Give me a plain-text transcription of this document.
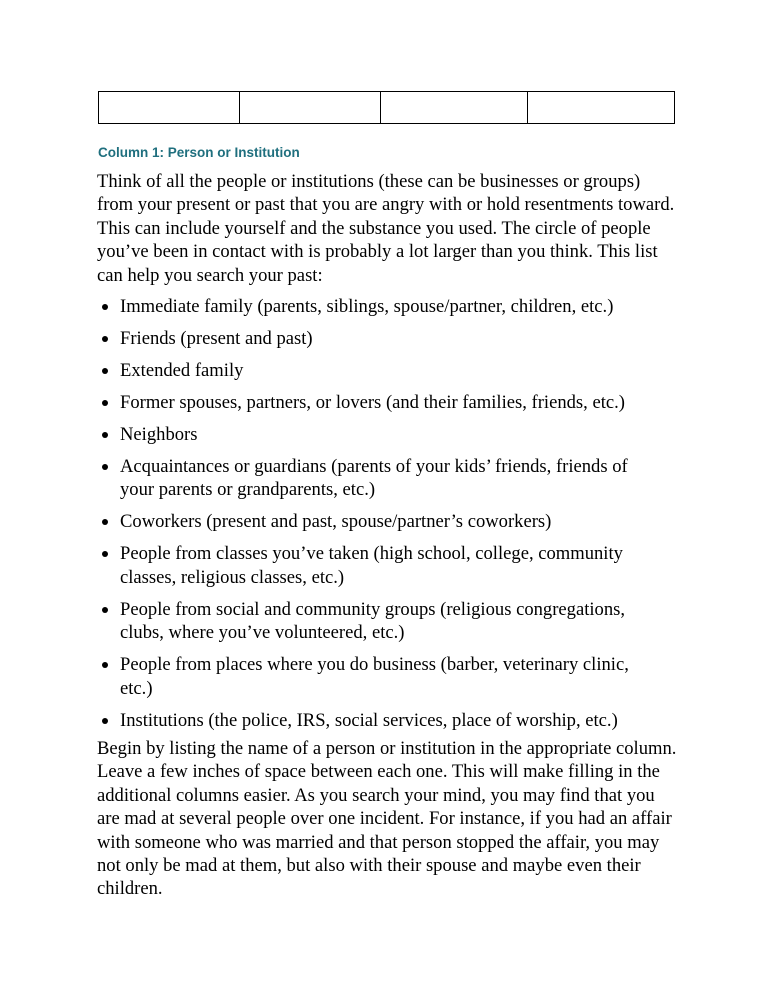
Column 1: Person or Institution

Think of all the people or institutions (these can be businesses or groups) from your present or past that you are angry with or hold resentments toward. This can include yourself and the substance you used. The circle of people you’ve been in contact with is probably a lot larger than you think. This list can help you search your past:

Immediate family (parents, siblings, spouse/partner, children, etc.)
Friends (present and past)
Extended family
Former spouses, partners, or lovers (and their families, friends, etc.)
Neighbors
Acquaintances or guardians (parents of your kids’ friends, friends of your parents or grandparents, etc.)
Coworkers (present and past, spouse/partner’s coworkers)
People from classes you’ve taken (high school, college, community classes, religious classes, etc.)
People from social and community groups (religious congregations, clubs, where you’ve volunteered, etc.)
People from places where you do business (barber, veterinary clinic, etc.)
Institutions (the police, IRS, social services, place of worship, etc.)

Begin by listing the name of a person or institution in the appropriate column. Leave a few inches of space between each one. This will make filling in the additional columns easier. As you search your mind, you may find that you are mad at several people over one incident. For instance, if you had an affair with someone who was married and that person stopped the affair, you may not only be mad at them, but also with their spouse and maybe even their children.
